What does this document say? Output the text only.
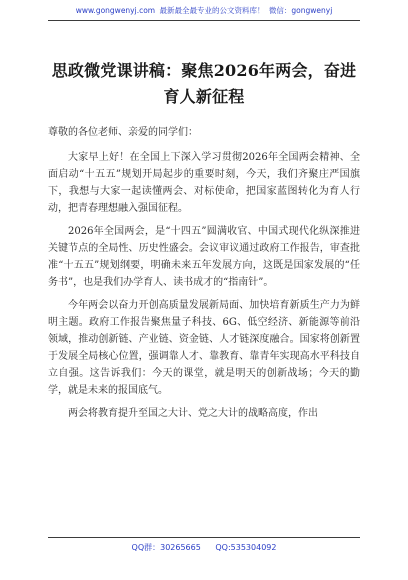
www.gongwenyj.com 最新最全最专业的公文资料库！ 微信：gongwenyj
思政微党课讲稿：聚焦2026年两会，奋进育人新征程

尊敬的各位老师、亲爱的同学们：

大家早上好！在全国上下深入学习贯彻2026年全国两会精神、全面启动“十五五”规划开局起步的重要时刻，今天，我们齐聚庄严国旗下，我想与大家一起读懂两会、对标使命，把国家蓝图转化为育人行动，把青春理想融入强国征程。

2026年全国两会，是“十四五”圆满收官、中国式现代化纵深推进关键节点的全局性、历史性盛会。会议审议通过政府工作报告，审查批准“十五五”规划纲要，明确未来五年发展方向，这既是国家发展的“任务书”，也是我们办学育人、读书成才的“指南针”。

今年两会以奋力开创高质量发展新局面、加快培育新质生产力为鲜明主题。政府工作报告聚焦量子科技、6G、低空经济、新能源等前沿领域，推动创新链、产业链、资金链、人才链深度融合。国家将创新置于发展全局核心位置，强调靠人才、靠教育、靠青年实现高水平科技自立自强。这告诉我们：今天的课堂，就是明天的创新战场；今天的勤学，就是未来的报国底气。

两会将教育提升至国之大计、党之大计的战略高度，作出

QQ群：30265665 QQ:535304092
